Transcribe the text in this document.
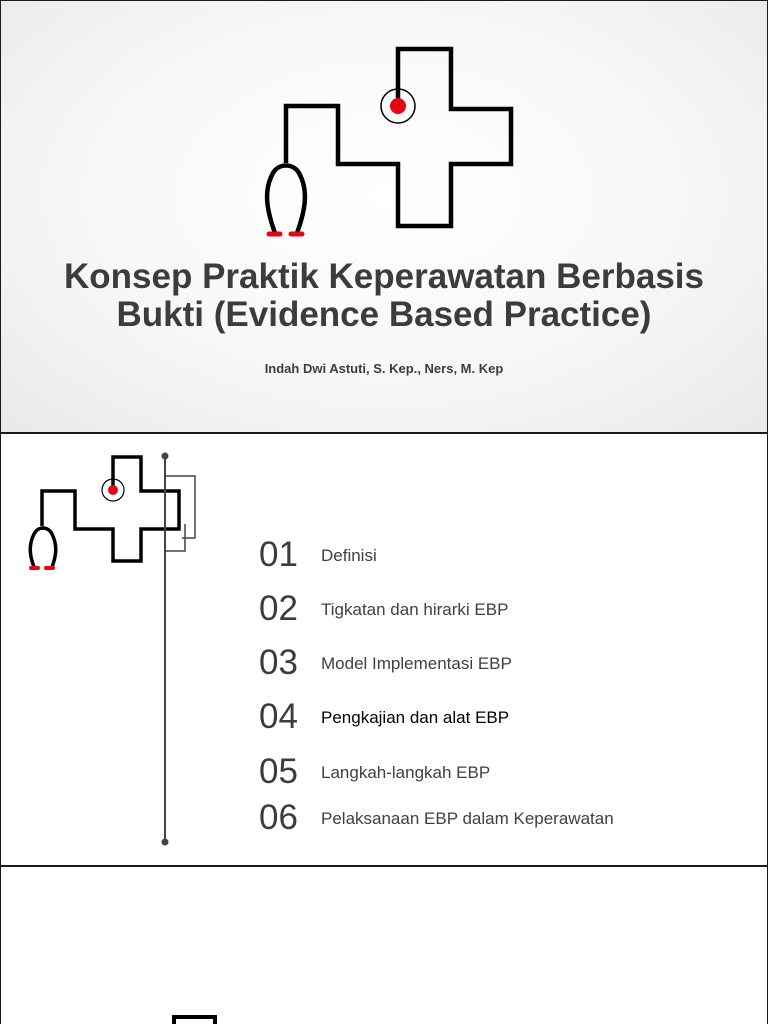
Konsep Praktik Keperawatan Berbasis
Bukti (Evidence Based Practice)
Indah Dwi Astuti, S. Kep., Ners, M. Kep
01 Definisi
02 Tigkatan dan hirarki EBP
03 Model Implementasi EBP
04 Pengkajian dan alat EBP
05 Langkah-langkah EBP
06 Pelaksanaan EBP dalam Keperawatan
